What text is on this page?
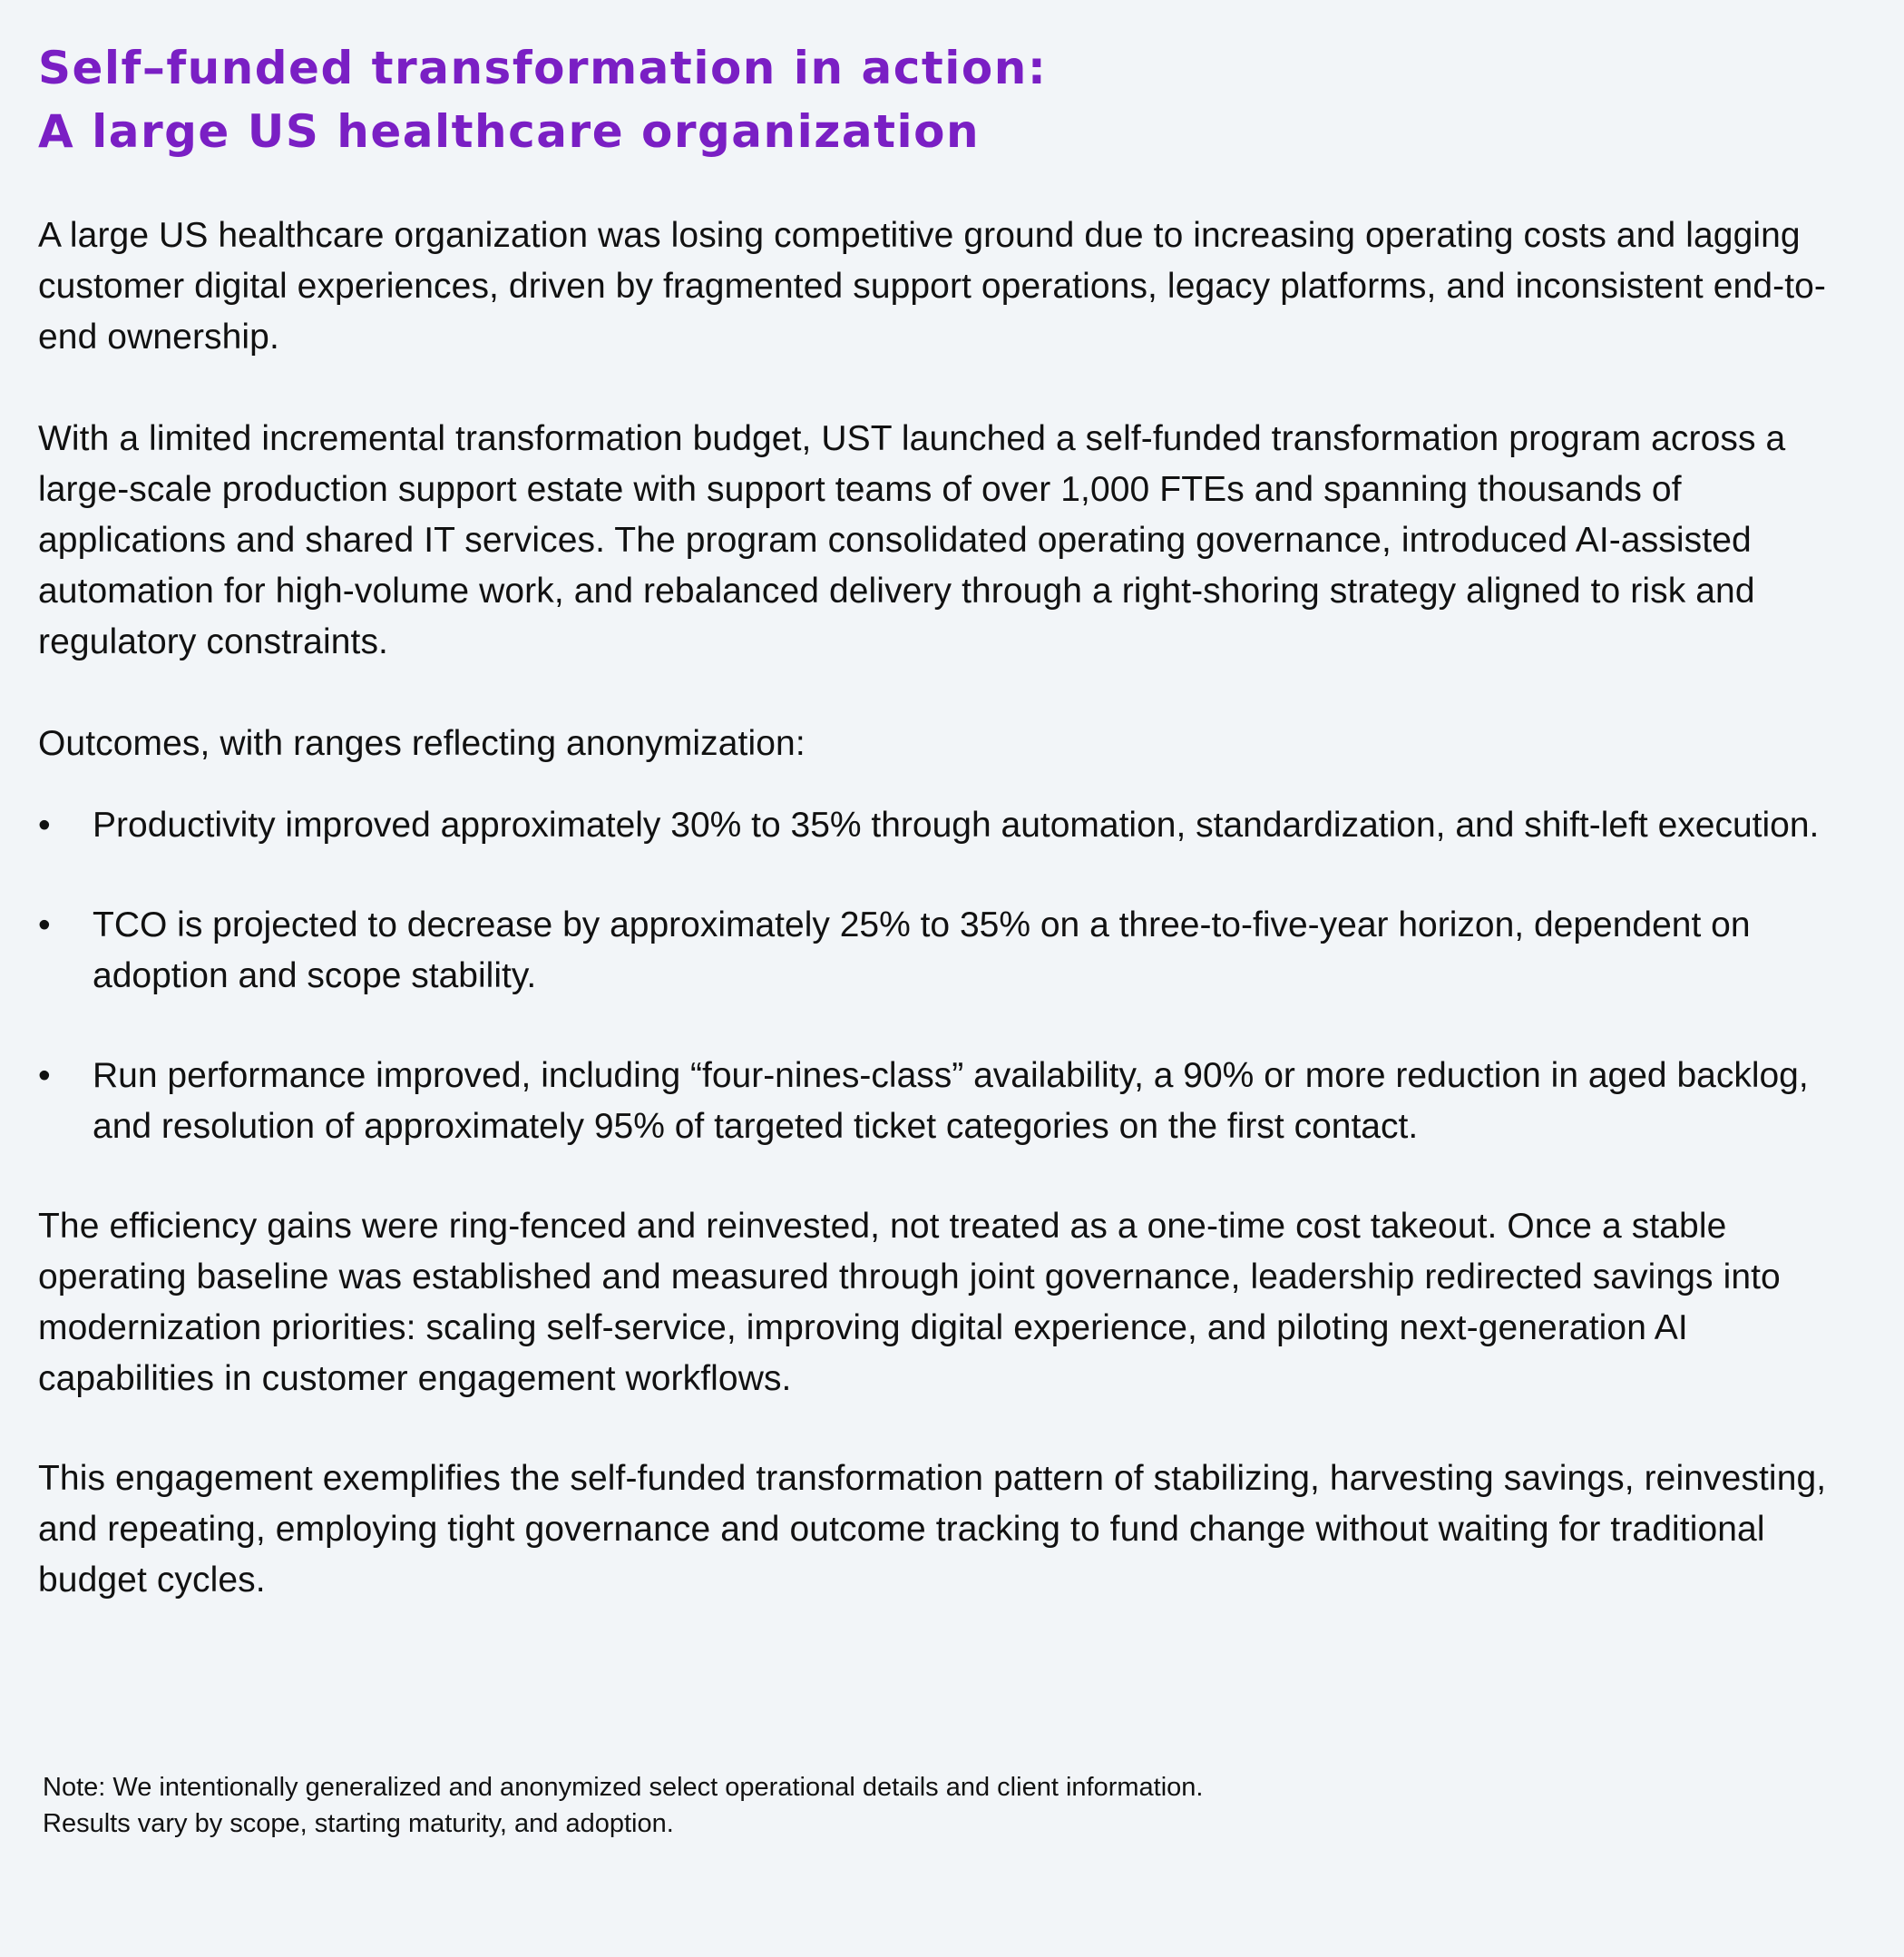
Self–funded transformation in action:
A large US healthcare organization

A large US healthcare organization was losing competitive ground due to increasing operating costs and lagging customer digital experiences, driven by fragmented support operations, legacy platforms, and inconsistent end-to-end ownership.

With a limited incremental transformation budget, UST launched a self-funded transformation program across a large-scale production support estate with support teams of over 1,000 FTEs and spanning thousands of applications and shared IT services. The program consolidated operating governance, introduced AI-assisted automation for high-volume work, and rebalanced delivery through a right-shoring strategy aligned to risk and regulatory constraints.

Outcomes, with ranges reflecting anonymization:

•	Productivity improved approximately 30% to 35% through automation, standardization, and shift-left execution.
•	TCO is projected to decrease by approximately 25% to 35% on a three-to-five-year horizon, dependent on adoption and scope stability.
•	Run performance improved, including “four-nines-class” availability, a 90% or more reduction in aged backlog, and resolution of approximately 95% of targeted ticket categories on the first contact.

The efficiency gains were ring-fenced and reinvested, not treated as a one-time cost takeout. Once a stable operating baseline was established and measured through joint governance, leadership redirected savings into modernization priorities: scaling self-service, improving digital experience, and piloting next-generation AI capabilities in customer engagement workflows.

This engagement exemplifies the self-funded transformation pattern of stabilizing, harvesting savings, reinvesting, and repeating, employing tight governance and outcome tracking to fund change without waiting for traditional budget cycles.

Note: We intentionally generalized and anonymized select operational details and client information.
Results vary by scope, starting maturity, and adoption.
